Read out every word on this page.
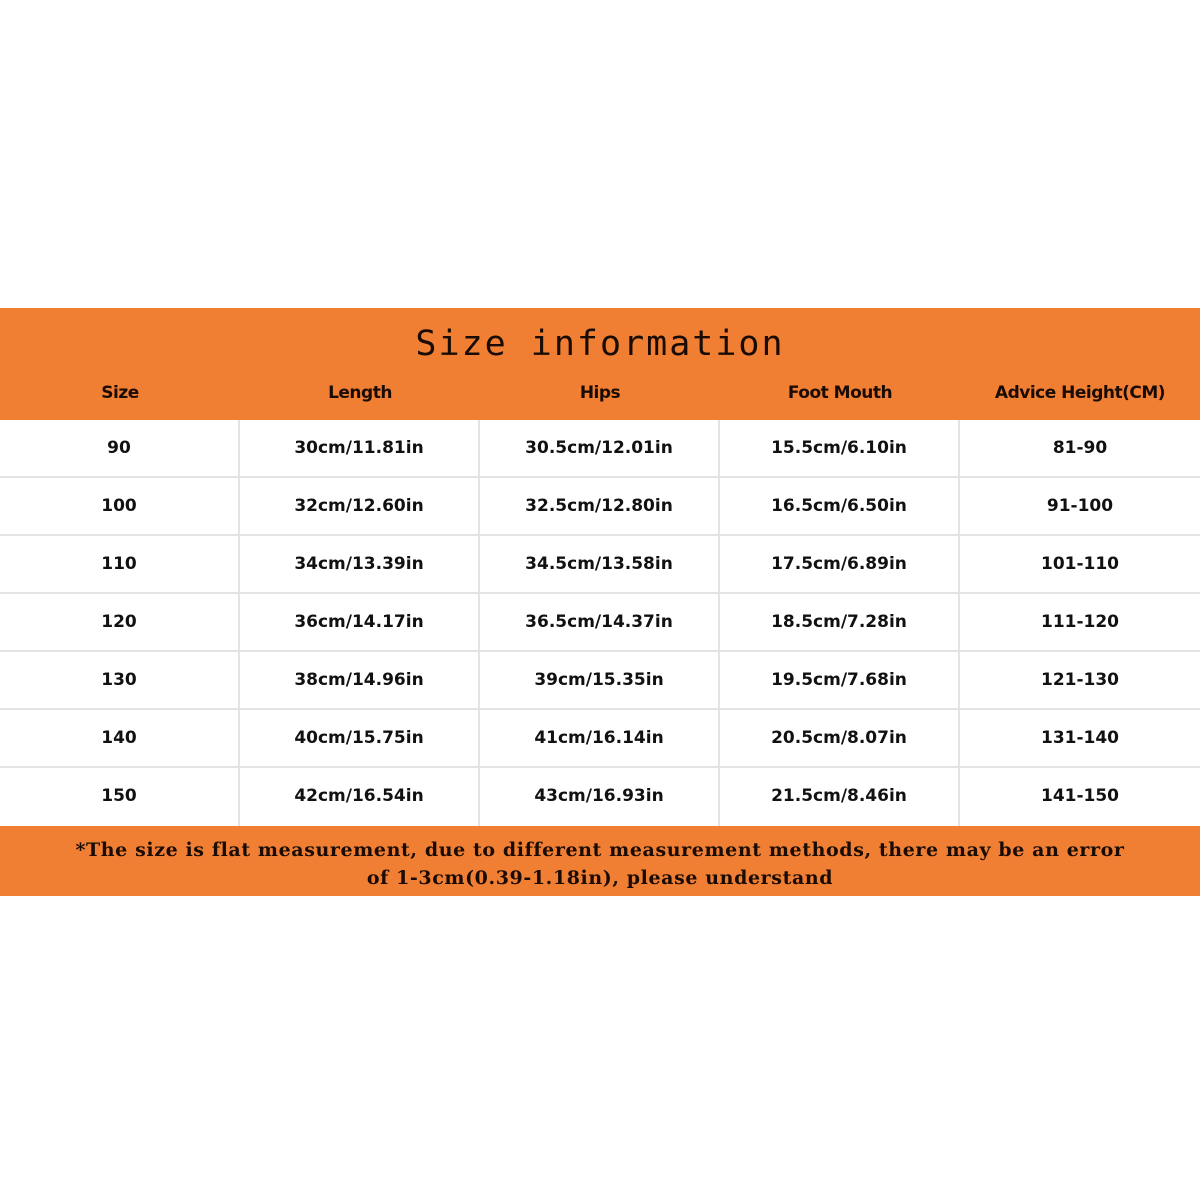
Size information
Size	Length	Hips	Foot Mouth	Advice Height(CM)
90	30cm/11.81in	30.5cm/12.01in	15.5cm/6.10in	81-90
100	32cm/12.60in	32.5cm/12.80in	16.5cm/6.50in	91-100
110	34cm/13.39in	34.5cm/13.58in	17.5cm/6.89in	101-110
120	36cm/14.17in	36.5cm/14.37in	18.5cm/7.28in	111-120
130	38cm/14.96in	39cm/15.35in	19.5cm/7.68in	121-130
140	40cm/15.75in	41cm/16.14in	20.5cm/8.07in	131-140
150	42cm/16.54in	43cm/16.93in	21.5cm/8.46in	141-150
*The size is flat measurement, due to different measurement methods, there may be an error
of 1-3cm(0.39-1.18in), please understand
